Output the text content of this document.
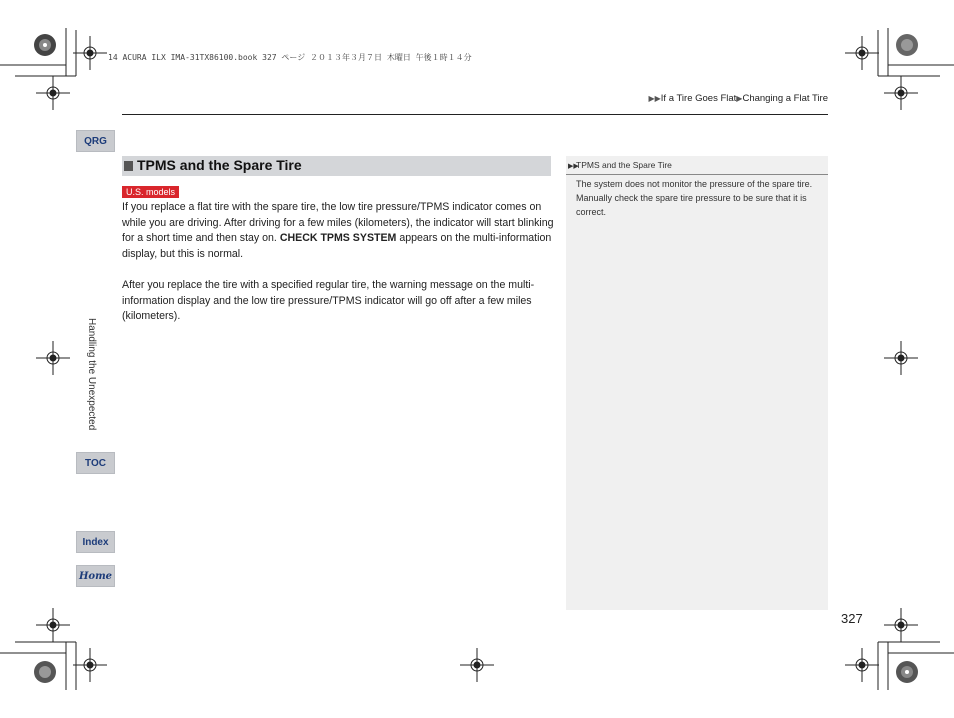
14 ACURA ILX IMA-31TX86100.book 327 ページ ２０１３年３月７日 木曜日 午後１時１４分
▶▶If a Tire Goes Flat▶Changing a Flat Tire
QRG
TOC
Index
Home
Handling the Unexpected
TPMS and the Spare Tire
U.S. models

If you replace a flat tire with the spare tire, the low tire pressure/TPMS indicator comes on while you are driving. After driving for a few miles (kilometers), the indicator will start blinking for a short time and then stay on. CHECK TPMS SYSTEM appears on the multi-information display, but this is normal.

After you replace the tire with a specified regular tire, the warning message on the multi-information display and the low tire pressure/TPMS indicator will go off after a few miles (kilometers).

▶▶
TPMS and the Spare Tire
The system does not monitor the pressure of the spare tire. Manually check the spare tire pressure to be sure that it is correct.
327
